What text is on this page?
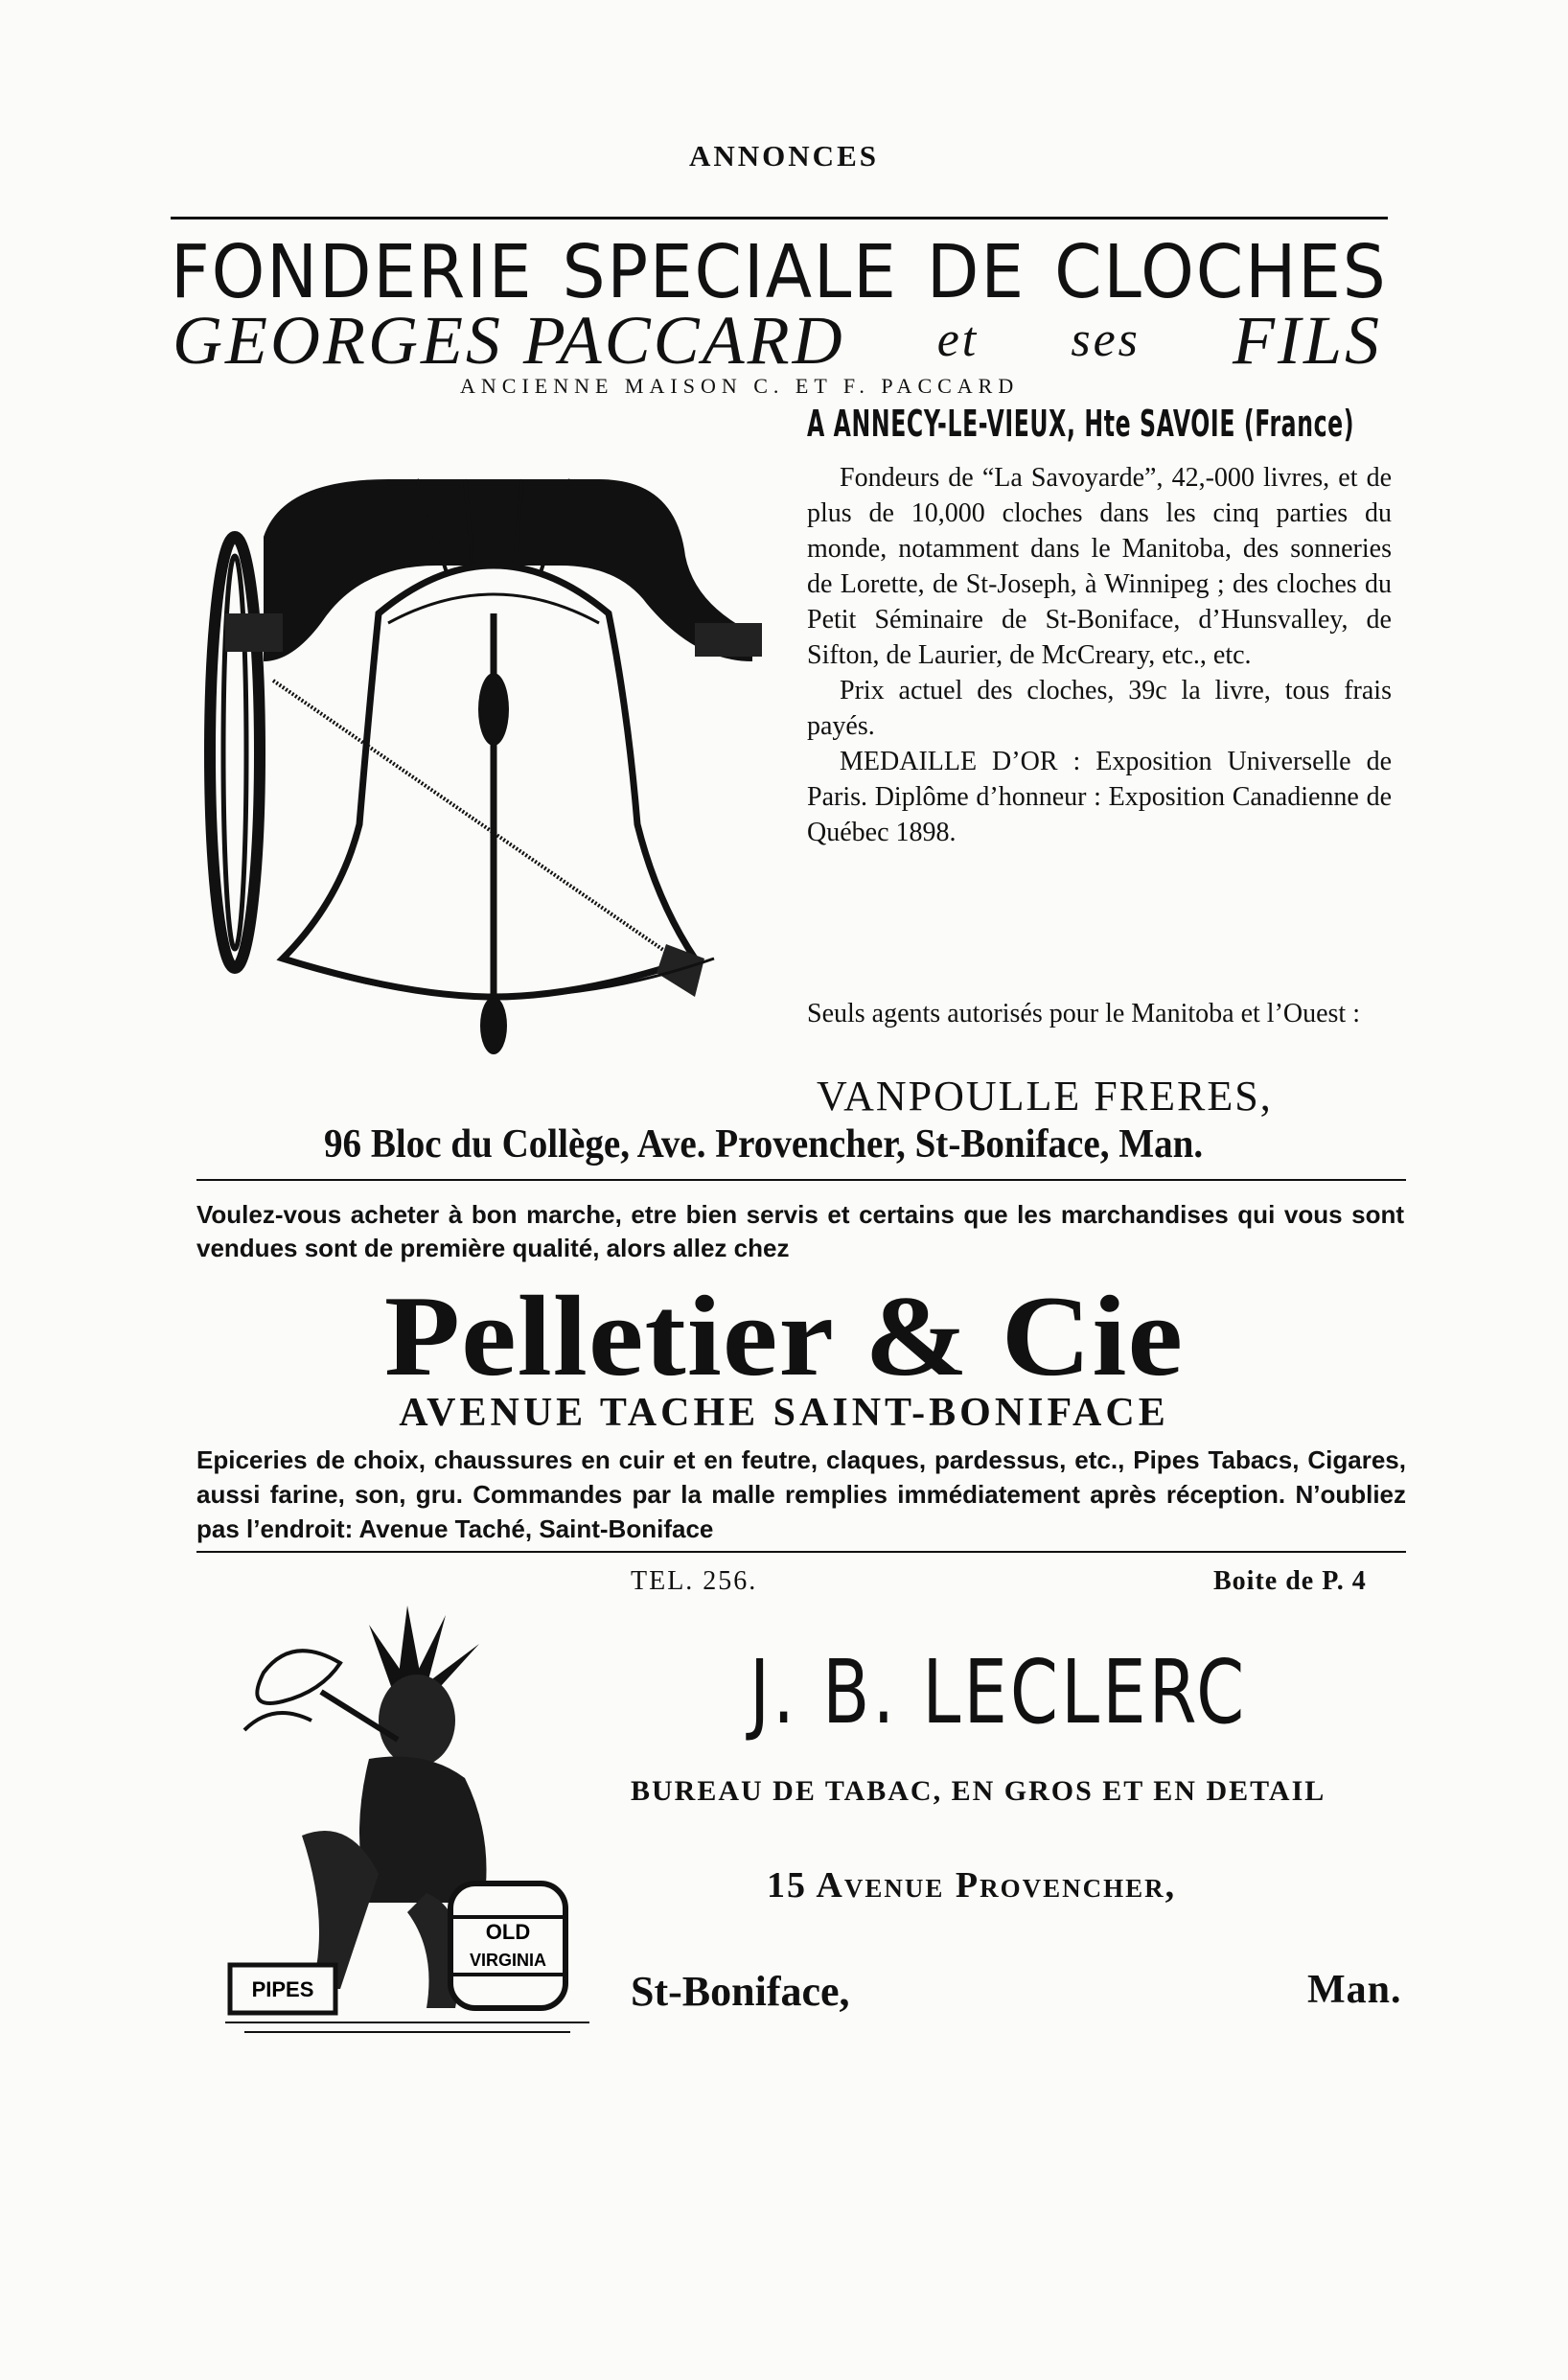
ANNONCES
FONDERIE SPECIALE DE CLOCHES
GEORGES PACCARD et ses FILS
ANCIENNE MAISON C. ET F. PACCARD
A ANNECY-LE-VIEUX, Hte SAVOIE (France)

Fondeurs de “La Savoyarde”, 42,-000 livres, et de plus de 10,000 cloches dans les cinq parties du monde, notamment dans le Manitoba, des sonneries de Lorette, de St-Joseph, à Winnipeg ; des cloches du Petit Séminaire de St-Boniface, d’Hunsvalley, de Sifton, de Laurier, de McCreary, etc., etc.

Prix actuel des cloches, 39c la livre, tous frais payés.

MEDAILLE D’OR : Exposition Universelle de Paris. Diplôme d’honneur : Exposition Canadienne de Québec 1898.

Seuls agents autorisés pour le Manitoba et l’Ouest :
VANPOULLE FRERES,
96 Bloc du Collège, Ave. Provencher, St-Boniface, Man.
Voulez-vous acheter à bon marche, etre bien servis et certains que les marchandises qui vous sont vendues sont de première qualité, alors allez chez
Pelletier & Cie
AVENUE TACHE SAINT-BONIFACE
Epiceries de choix, chaussures en cuir et en feutre, claques, pardessus, etc., Pipes Tabacs, Cigares, aussi farine, son, gru. Commandes par la malle remplies immédiatement après réception. N’oubliez pas l’endroit: Avenue Taché, Saint-Boniface
TEL. 256.	Boite de P. 4
OLD
VIRGINIA
PIPES
J. B. LECLERC
BUREAU DE TABAC, EN GROS ET EN DETAIL
15 Avenue Provencher,
St-Boniface,	Man.
